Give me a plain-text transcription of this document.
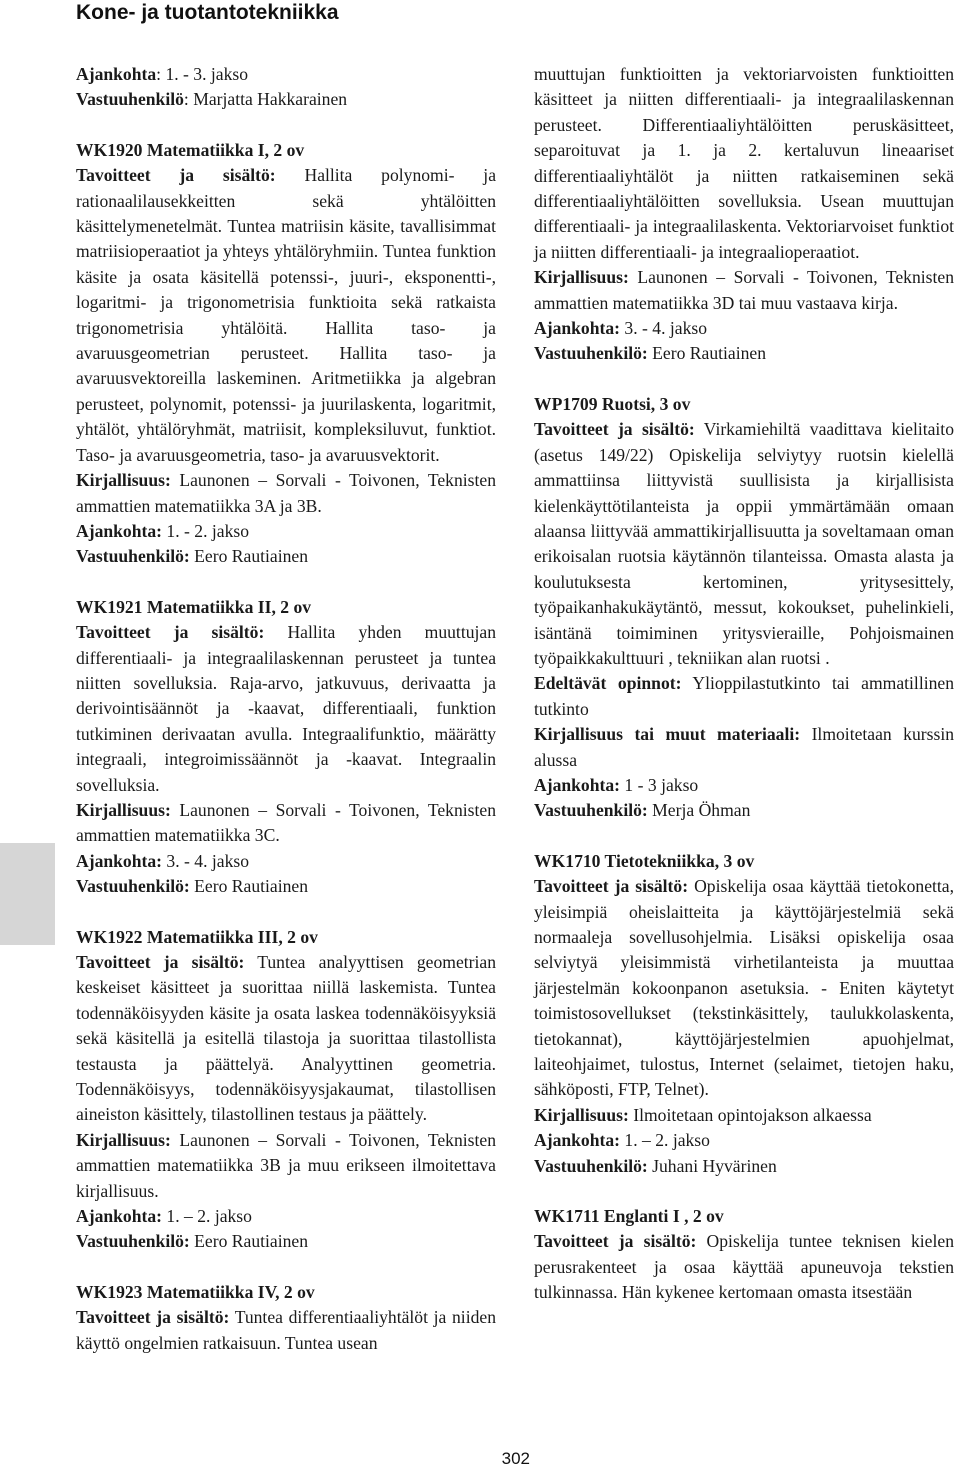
Kone- ja tuotantotekniikka

Ajankohta: 1. - 3. jakso

Vastuuhenkilö: Marjatta Hakkarainen

WK1920 Matematiikka I, 2 ov

Tavoitteet ja sisältö: Hallita polynomi- ja rationaalilausekkeitten sekä yhtälöitten käsittelymenetelmät. Tuntea matriisin käsite, tavallisimmat matriisioperaatiot ja yhteys yhtälöryhmiin. Tuntea funktion käsite ja osata käsitellä potenssi-, juuri-, eksponentti-, logaritmi- ja trigonometrisia funktioita sekä ratkaista trigonometrisia yhtälöitä. Hallita taso- ja avaruusgeometrian perusteet. Hallita taso- ja avaruusvektoreilla laskeminen. Aritmetiikka ja algebran perusteet, polynomit, potenssi- ja juurilaskenta, logaritmit, yhtälöt, yhtälöryhmät, matriisit, kompleksiluvut, funktiot. Taso- ja avaruusgeometria, taso- ja avaruusvektorit.

Kirjallisuus: Launonen – Sorvali - Toivonen, Teknisten ammattien matematiikka 3A ja 3B.

Ajankohta: 1. - 2. jakso

Vastuuhenkilö: Eero Rautiainen

WK1921 Matematiikka II, 2 ov

Tavoitteet ja sisältö: Hallita yhden muuttujan differentiaali- ja integraalilaskennan perusteet ja tuntea niitten sovelluksia. Raja-arvo, jatkuvuus, derivaatta ja derivointisäännöt ja -kaavat, differentiaali, funktion tutkiminen derivaatan avulla. Integraalifunktio, määrätty integraali, integroimissäännöt ja -kaavat. Integraalin sovelluksia.

Kirjallisuus: Launonen – Sorvali - Toivonen, Teknisten ammattien matematiikka 3C.

Ajankohta: 3. - 4. jakso

Vastuuhenkilö: Eero Rautiainen

WK1922 Matematiikka III, 2 ov

Tavoitteet ja sisältö: Tuntea analyyttisen geometrian keskeiset käsitteet ja suorittaa niillä laskemista. Tuntea todennäköisyyden käsite ja osata laskea todennäköisyyksiä sekä käsitellä ja esitellä tilastoja ja suorittaa tilastollista testausta ja päättelyä. Analyyttinen geometria. Todennäköisyys, todennäköisyysjakaumat, tilastollisen aineiston käsittely, tilastollinen testaus ja päättely.

Kirjallisuus: Launonen – Sorvali - Toivonen, Teknisten ammattien matematiikka 3B ja muu erikseen ilmoitettava kirjallisuus.

Ajankohta: 1. – 2. jakso

Vastuuhenkilö: Eero Rautiainen

WK1923 Matematiikka IV, 2 ov

Tavoitteet ja sisältö: Tuntea differentiaaliyhtälöt ja niiden käyttö ongelmien ratkaisuun. Tuntea usean

muuttujan funktioitten ja vektoriarvoisten funktioitten käsitteet ja niitten differentiaali- ja integraalilaskennan perusteet. Differentiaaliyhtälöitten peruskäsitteet, separoituvat ja 1. ja 2. kertaluvun lineaariset differentiaaliyhtälöt ja niitten ratkaiseminen sekä differentiaaliyhtälöitten sovelluksia. Usean muuttujan differentiaali- ja integraalilaskenta. Vektoriarvoiset funktiot ja niitten differentiaali- ja integraalioperaatiot.

Kirjallisuus: Launonen – Sorvali - Toivonen, Teknisten ammattien matematiikka 3D tai muu vastaava kirja.

Ajankohta: 3. - 4. jakso

Vastuuhenkilö: Eero Rautiainen

WP1709 Ruotsi, 3 ov

Tavoitteet ja sisältö: Virkamiehiltä vaadittava kielitaito (asetus 149/22) Opiskelija selviytyy ruotsin kielellä ammattiinsa liittyvistä suullisista ja kirjallisista kielenkäyttötilanteista ja oppii ymmärtämään omaan alaansa liittyvää ammattikirjallisuutta ja soveltamaan oman erikoisalan ruotsia käytännön tilanteissa. Omasta alasta ja koulutuksesta kertominen, yritysesittely, työpaikanhakukäytäntö, messut, kokoukset, puhelinkieli, isäntänä toimiminen yritysvieraille, Pohjoismainen työpaikkakulttuuri , tekniikan alan ruotsi .

Edeltävät opinnot: Ylioppilastutkinto tai ammatillinen tutkinto

Kirjallisuus tai muut materiaali: Ilmoitetaan kurssin alussa

Ajankohta: 1 - 3 jakso

Vastuuhenkilö: Merja Öhman

WK1710 Tietotekniikka, 3 ov

Tavoitteet ja sisältö: Opiskelija osaa käyttää tietokonetta, yleisimpiä oheislaitteita ja käyttöjärjestelmiä sekä normaaleja sovellusohjelmia. Lisäksi opiskelija osaa selviytyä yleisimmistä virhetilanteista ja muuttaa järjestelmän kokoonpanon asetuksia. - Eniten käytetyt toimistosovellukset (tekstinkäsittely, taulukkolaskenta, tietokannat), käyttöjärjestelmien apuohjelmat, laiteohjaimet, tulostus, Internet (selaimet, tietojen haku, sähköposti, FTP, Telnet).

Kirjallisuus: Ilmoitetaan opintojakson alkaessa

Ajankohta: 1. – 2. jakso

Vastuuhenkilö: Juhani Hyvärinen

WK1711 Englanti I , 2 ov

Tavoitteet ja sisältö: Opiskelija tuntee teknisen kielen perusrakenteet ja osaa käyttää apuneuvoja tekstien tulkinnassa. Hän kykenee kertomaan omasta itsestään

302
